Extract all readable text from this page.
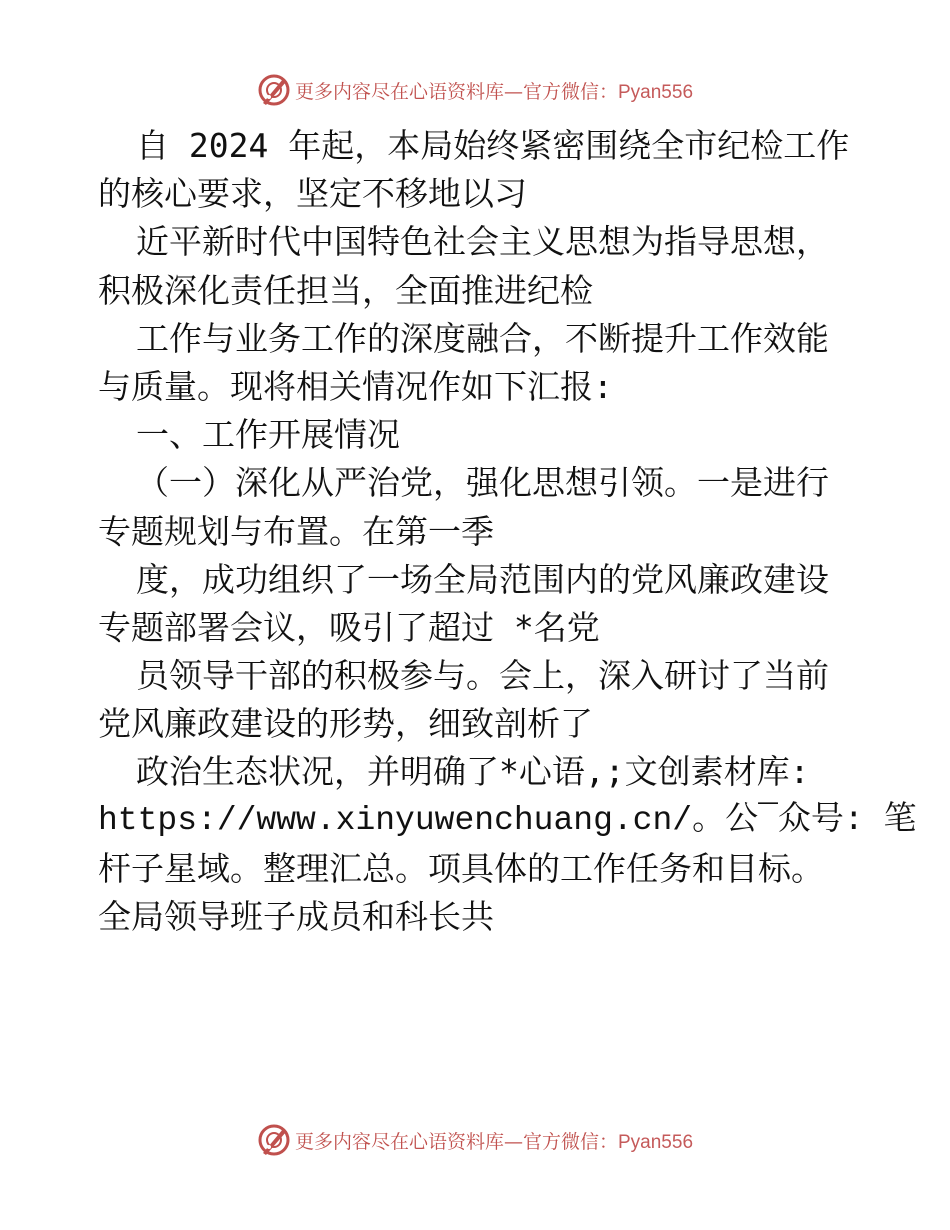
更多内容尽在心语资料库—官方微信：Pyan556
自 2024 年起，本局始终紧密围绕全市纪检工作
的核心要求，坚定不移地以习
近平新时代中国特色社会主义思想为指导思想，
积极深化责任担当，全面推进纪检
工作与业务工作的深度融合，不断提升工作效能
与质量。现将相关情况作如下汇报:
一、工作开展情况
（一）深化从严治党，强化思想引领。一是进行
专题规划与布置。在第一季
度，成功组织了一场全局范围内的党风廉政建设
专题部署会议，吸引了超过 *名党
员领导干部的积极参与。会上，深入研讨了当前
党风廉政建设的形势，细致剖析了
政治生态状况，并明确了*心语,;文创素材库:
https://www.xinyuwenchuang.cn/。公¯众号: 笔
杆子星域。整理汇总。项具体的工作任务和目标。
全局领导班子成员和科长共
更多内容尽在心语资料库—官方微信：Pyan556
